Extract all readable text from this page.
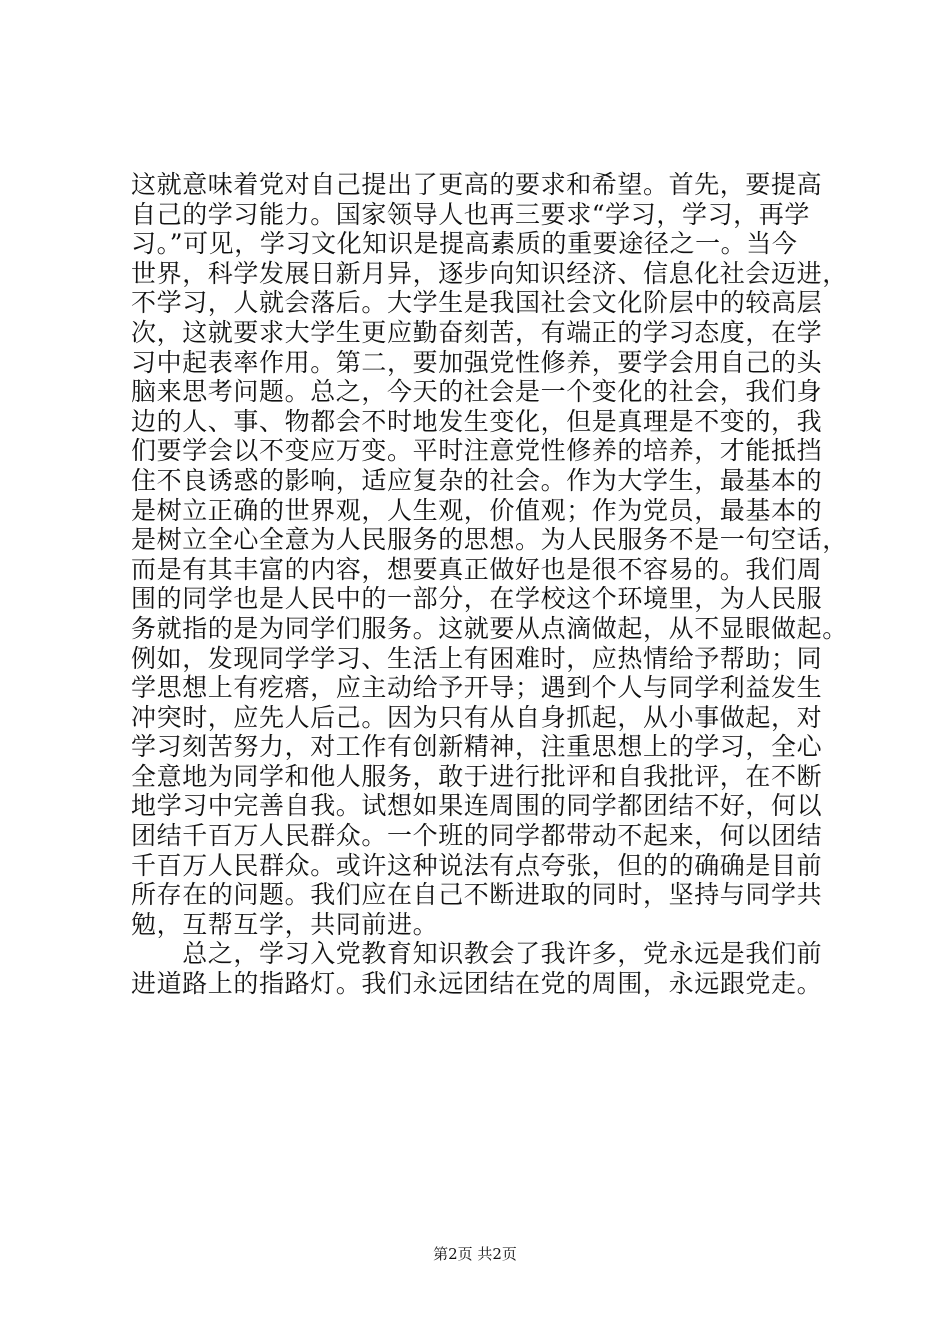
这就意味着党对自己提出了更高的要求和希望。首先，要提高
自己的学习能力。国家领导人也再三要求“学习，学习，再学
习。”可见，学习文化知识是提高素质的重要途径之一。当今
世界，科学发展日新月异，逐步向知识经济、信息化社会迈进，
不学习，人就会落后。大学生是我国社会文化阶层中的较高层
次，这就要求大学生更应勤奋刻苦，有端正的学习态度，在学
习中起表率作用。第二，要加强党性修养，要学会用自己的头
脑来思考问题。总之，今天的社会是一个变化的社会，我们身
边的人、事、物都会不时地发生变化，但是真理是不变的，我
们要学会以不变应万变。平时注意党性修养的培养，才能抵挡
住不良诱惑的影响，适应复杂的社会。作为大学生，最基本的
是树立正确的世界观，人生观，价值观；作为党员，最基本的
是树立全心全意为人民服务的思想。为人民服务不是一句空话，
而是有其丰富的内容，想要真正做好也是很不容易的。我们周
围的同学也是人民中的一部分，在学校这个环境里，为人民服
务就指的是为同学们服务。这就要从点滴做起，从不显眼做起。
例如，发现同学学习、生活上有困难时，应热情给予帮助；同
学思想上有疙瘩，应主动给予开导；遇到个人与同学利益发生
冲突时，应先人后己。因为只有从自身抓起，从小事做起，对
学习刻苦努力，对工作有创新精神，注重思想上的学习，全心
全意地为同学和他人服务，敢于进行批评和自我批评，在不断
地学习中完善自我。试想如果连周围的同学都团结不好，何以
团结千百万人民群众。一个班的同学都带动不起来，何以团结
千百万人民群众。或许这种说法有点夸张，但的的确确是目前
所存在的问题。我们应在自己不断进取的同时，坚持与同学共
勉，互帮互学，共同前进。
　　总之，学习入党教育知识教会了我许多，党永远是我们前
进道路上的指路灯。我们永远团结在党的周围，永远跟党走。
第2页 共2页
